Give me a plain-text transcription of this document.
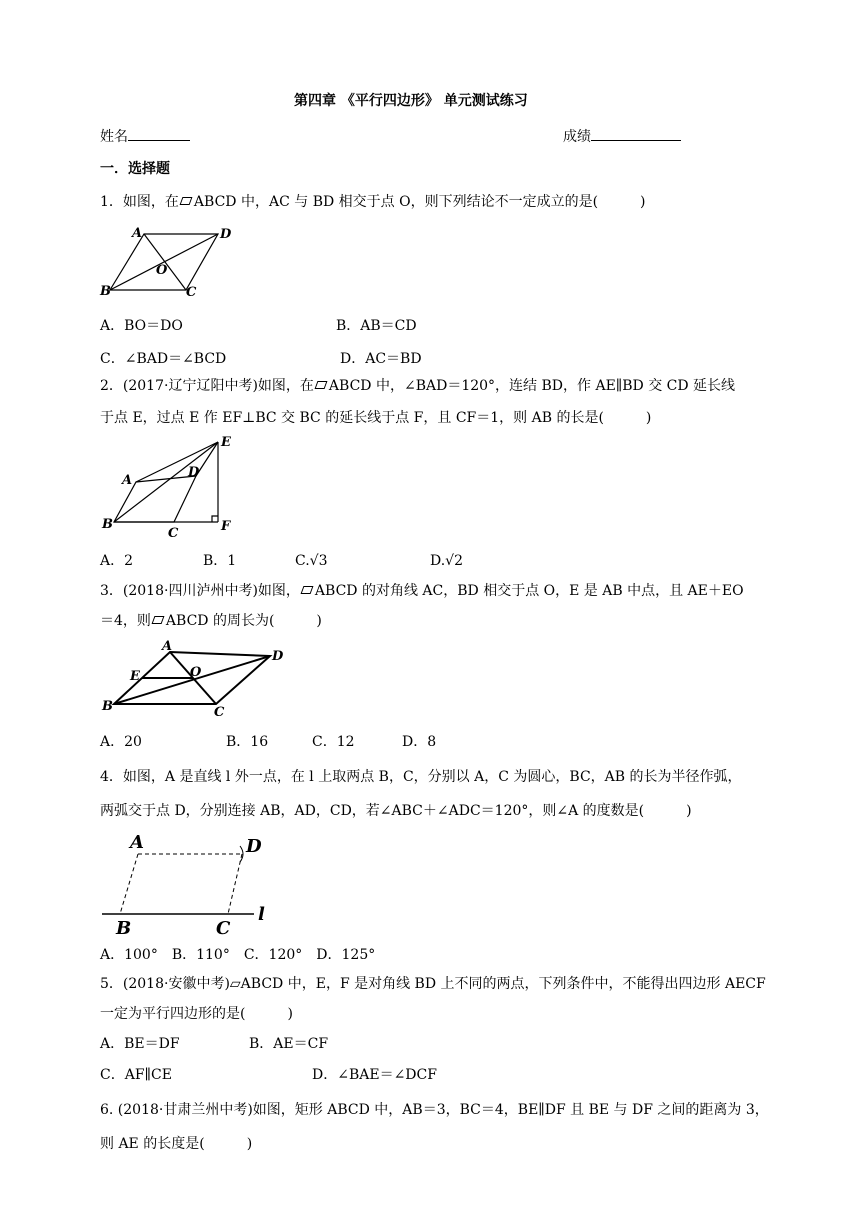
第四章 《平行四边形》 单元测试练习
姓名	成绩
一．选择题
1．如图，在 ABCD 中，AC 与 BD 相交于点 O，则下列结论不一定成立的是(　　　)
A	D
O
B	C
A．BO＝DO	B．AB＝CD
C．∠BAD＝∠BCD	D．AC＝BD
2．(2017·辽宁辽阳中考)如图，在 ABCD 中，∠BAD＝120°，连结 BD，作 AE∥BD 交 CD 延长线
于点 E，过点 E 作 EF⊥BC 交 BC 的延长线于点 F，且 CF＝1，则 AB 的长是(　　　)
E
A
D
B
C	F
A．2	B．1	C.√3	D.√2
3．(2018·四川泸州中考)如图， ABCD 的对角线 AC，BD 相交于点 O，E 是 AB 中点，且 AE＋EO
＝4，则 ABCD 的周长为(　　　)
A
D
E	O
B	C
A．20	B．16	C．12	D．8
4．如图，A 是直线 l 外一点，在 l 上取两点 B，C，分别以 A，C 为圆心，BC，AB 的长为半径作弧，
两弧交于点 D，分别连接 AB，AD，CD，若∠ABC＋∠ADC＝120°，则∠A 的度数是(　　　)
A	D
B	C
l
A．100°　B．110°　C．120°　D．125°
5．(2018·安徽中考)▱ABCD 中，E，F 是对角线 BD 上不同的两点，下列条件中，不能得出四边形 AECF
一定为平行四边形的是(　　　)
A．BE＝DF	B．AE＝CF
C．AF∥CE	D．∠BAE＝∠DCF
6. (2018·甘肃兰州中考)如图，矩形 ABCD 中，AB＝3，BC＝4，BE∥DF 且 BE 与 DF 之间的距离为 3，
则 AE 的长度是(　　　)
